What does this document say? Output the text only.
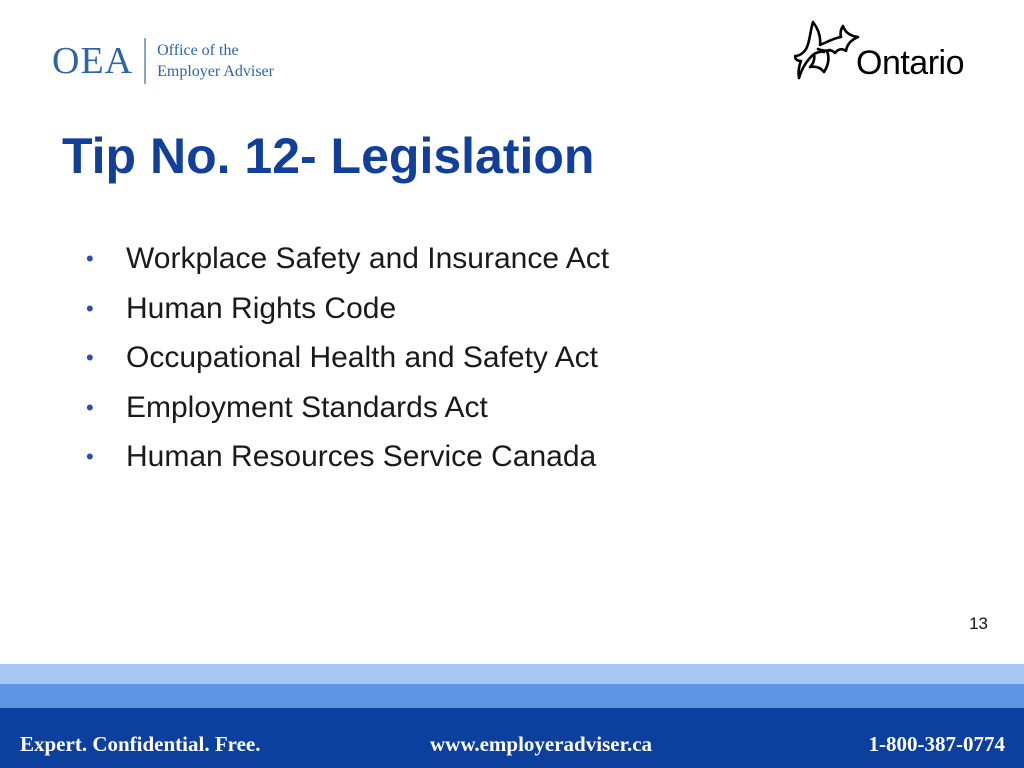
OEA Office of the
Employer Adviser	Ontario
Tip No. 12- Legislation
• Workplace Safety and Insurance Act
• Human Rights Code
• Occupational Health and Safety Act
• Employment Standards Act
• Human Resources Service Canada
13
Expert. Confidential. Free.	www.employeradviser.ca	1-800-387-0774
